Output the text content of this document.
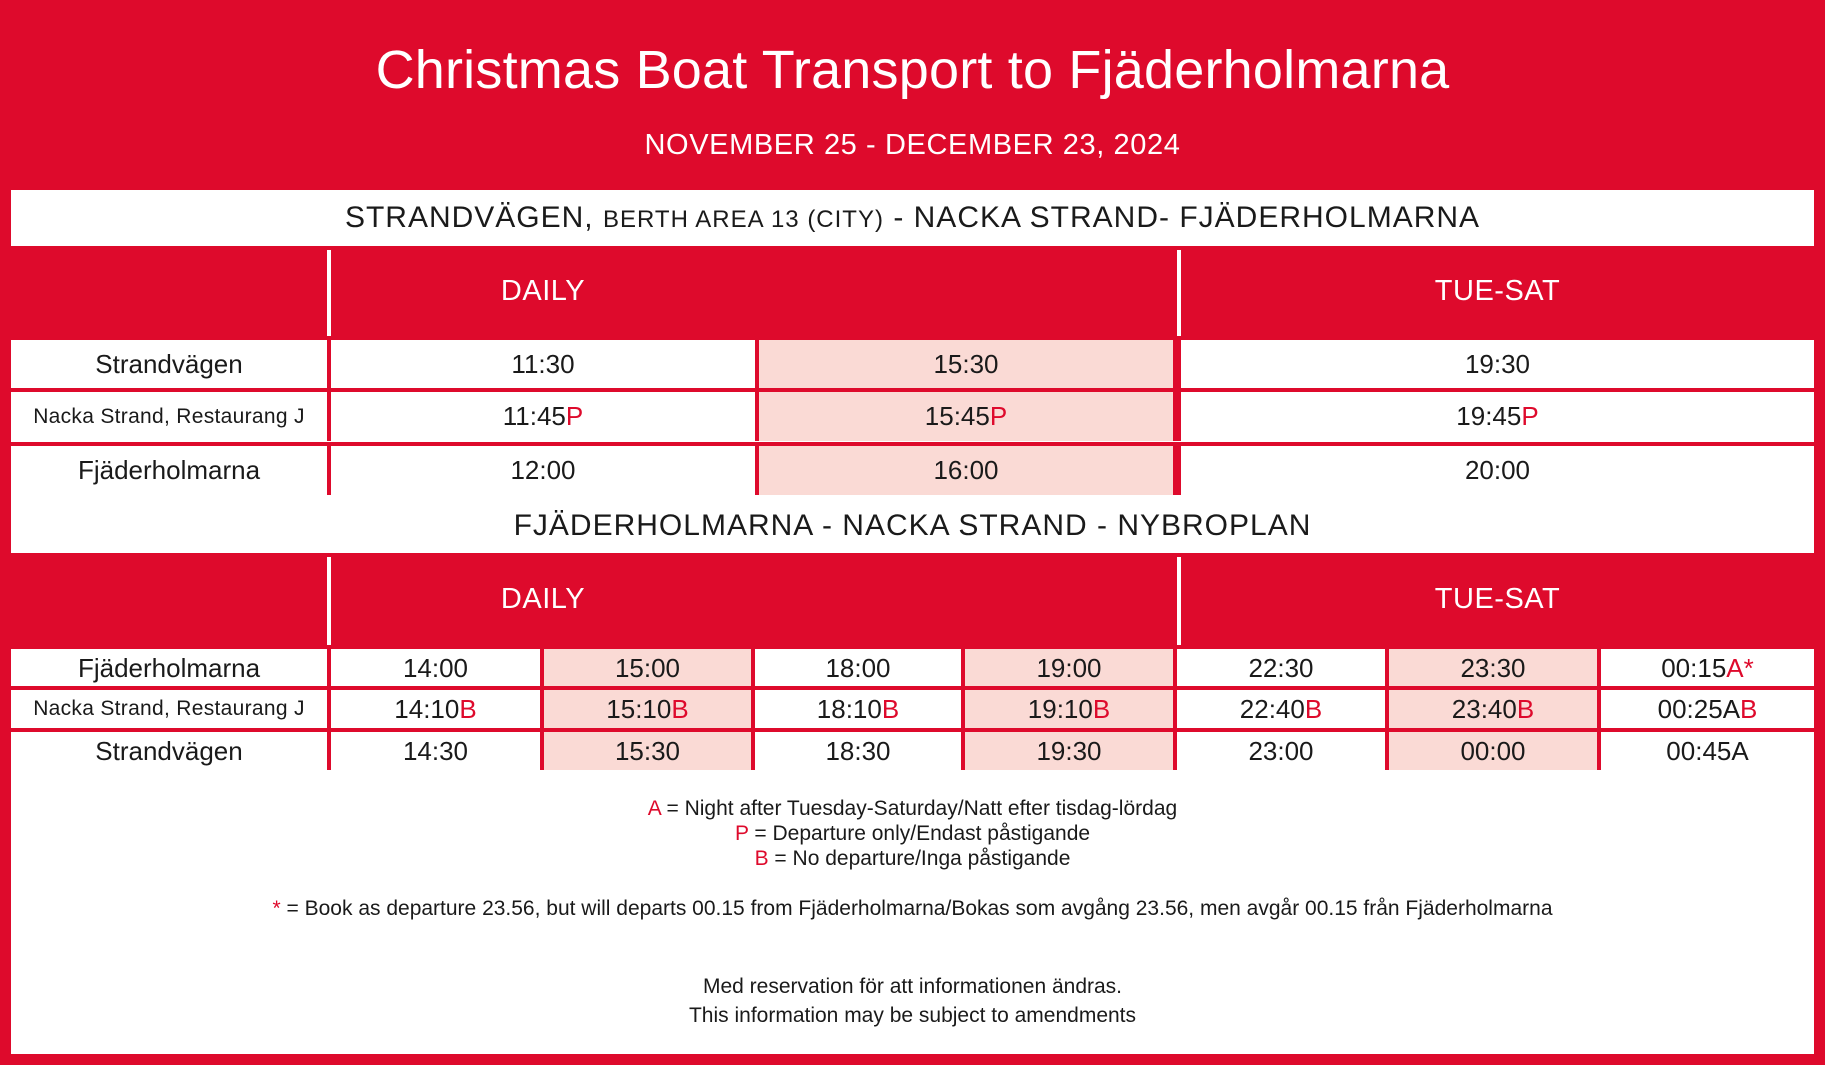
Christmas Boat Transport to Fjäderholmarna
NOVEMBER 25 - DECEMBER 23, 2024
STRANDVÄGEN, BERTH AREA 13 (CITY) - NACKA STRAND- FJÄDERHOLMARNA
DAILY	TUE-SAT
Strandvägen	11:30	15:30	19:30
Nacka Strand, Restaurang J	11:45 P	15:45 P	19:45 P
Fjäderholmarna	12:00	16:00	20:00
FJÄDERHOLMARNA - NACKA STRAND - NYBROPLAN
DAILY	TUE-SAT
Fjäderholmarna	14:00	15:00	18:00	19:00	22:30	23:30	00:15 A*
Nacka Strand, Restaurang J	14:10 B	15:10 B	18:10 B	19:10 B	22:40 B	23:40 B	00:25A B
Strandvägen	14:30	15:30	18:30	19:30	23:00	00:00	00:45A
A = Night after Tuesday-Saturday/Natt efter tisdag-lördag
P = Departure only/Endast påstigande
B = No departure/Inga påstigande
* = Book as departure 23.56, but will departs 00.15 from Fjäderholmarna/Bokas som avgång 23.56, men avgår 00.15 från Fjäderholmarna
Med reservation för att informationen ändras.
This information may be subject to amendments
